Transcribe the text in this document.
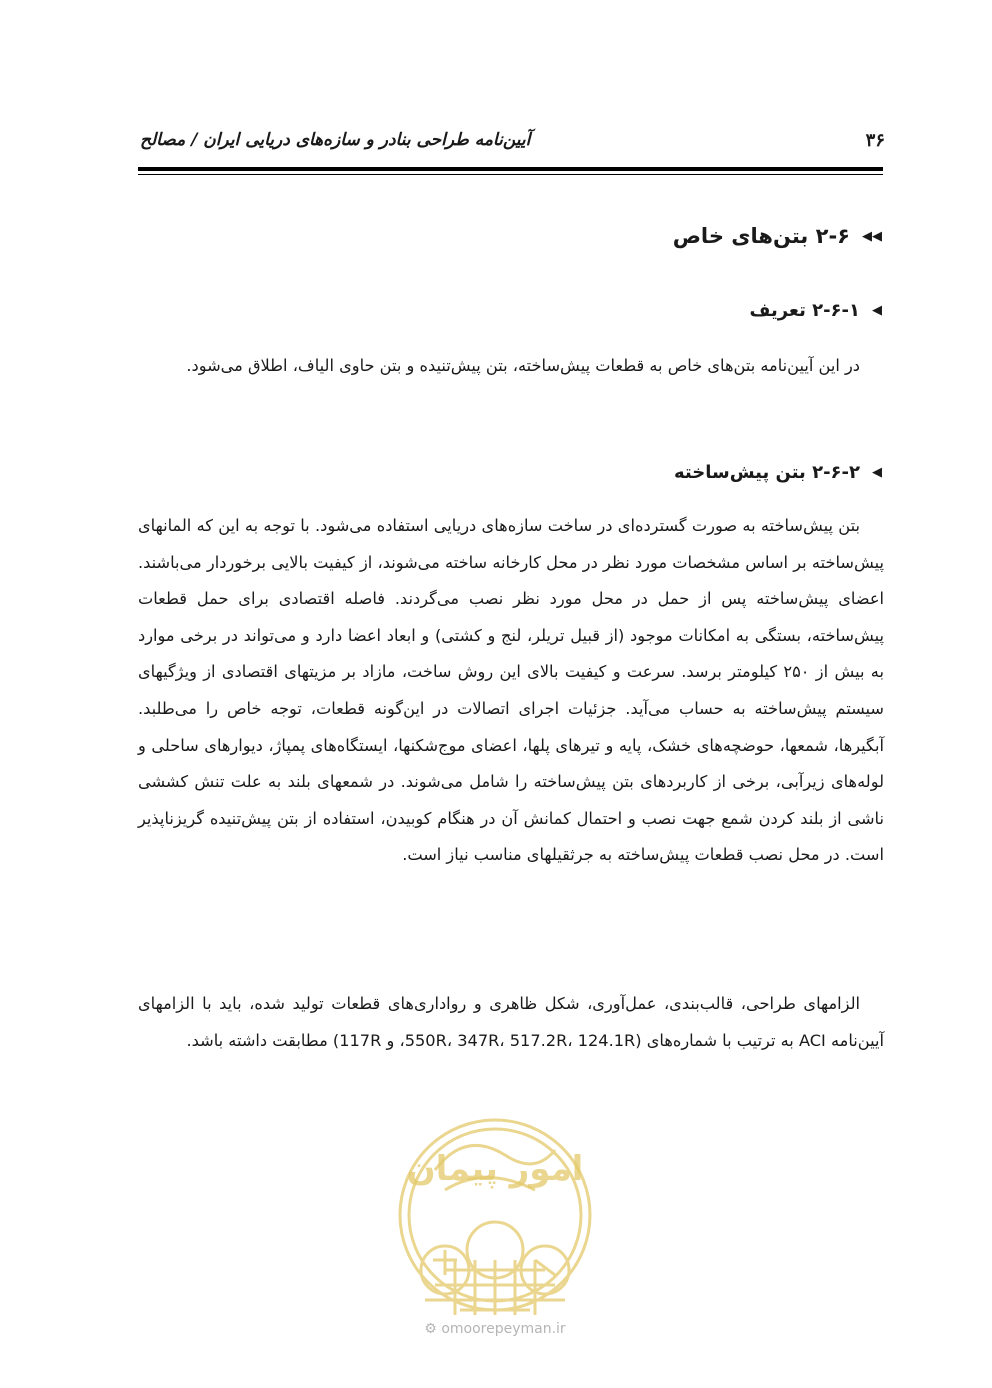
آیین‌نامه طراحی بنادر و سازه‌های دریایی ایران / مصالح	۳۶
◀◀
۲-۶ بتن‌های خاص
◀
۲-۶-۱ تعریف
در این آیین‌نامه بتن‌های خاص به قطعات پیش‌ساخته، بتن پیش‌تنیده و بتن حاوی الیاف، اطلاق می‌شود.
◀
۲-۶-۲ بتن پیش‌ساخته
بتن پیش‌ساخته به صورت گسترده‌ای در ساخت سازه‌های دریایی استفاده می‌شود. با توجه به این که المانهای پیش‌ساخته بر اساس مشخصات مورد نظر در محل کارخانه ساخته می‌شوند، از کیفیت بالایی برخوردار می‌باشند. اعضای پیش‌ساخته پس از حمل در محل مورد نظر نصب می‌گردند. فاصله اقتصادی برای حمل قطعات پیش‌ساخته، بستگی به امکانات موجود (از قبیل تریلر، لنج و کشتی) و ابعاد اعضا دارد و می‌تواند در برخی موارد به بیش از ۲۵۰ کیلومتر برسد. سرعت و کیفیت بالای این روش ساخت، مازاد بر مزیتهای اقتصادی از ویژگیهای سیستم پیش‌ساخته به حساب می‌آید. جزئیات اجرای اتصالات در این‌گونه قطعات، توجه خاص را می‌طلبد. آبگیرها، شمعها، حوضچه‌های خشک، پایه و تیرهای پلها، اعضای موج‌شکنها، ایستگاه‌های پمپاژ، دیوارهای ساحلی و لوله‌های زیرآبی، برخی از کاربردهای بتن پیش‌ساخته را شامل می‌شوند. در شمعهای بلند به علت تنش کششی ناشی از بلند کردن شمع جهت نصب و احتمال کمانش آن در هنگام کوبیدن، استفاده از بتن پیش‌تنیده گریزناپذیر است. در محل نصب قطعات پیش‌ساخته به جرثقیلهای مناسب نیاز است.
الزامهای طراحی، قالب‌بندی، عمل‌آوری، شکل ظاهری و رواداری‌های قطعات تولید شده، باید با الزامهای آیین‌نامه ACI به ترتیب با شماره‌های (550R، 347R، 517.2R، 124.1R، و 117R) مطابقت داشته باشد.
امور پیمان
⚙ omoorepeyman.ir
